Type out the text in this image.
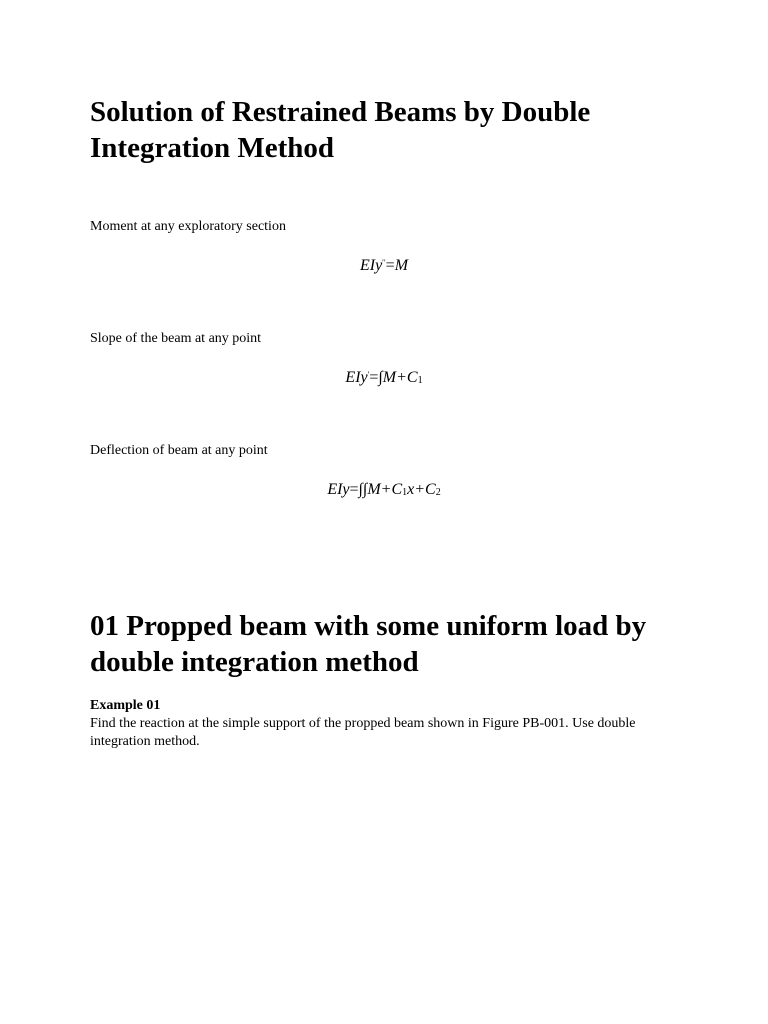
Solution of Restrained Beams by Double Integration Method

Moment at any exploratory section

EIy′′=M

Slope of the beam at any point

EIy′=∫M+C1

Deflection of beam at any point

EIy=∫∫M+C1x+C2
01 Propped beam with some uniform load by double integration method

Example 01

Find the reaction at the simple support of the propped beam shown in Figure PB-001. Use double integration method.
